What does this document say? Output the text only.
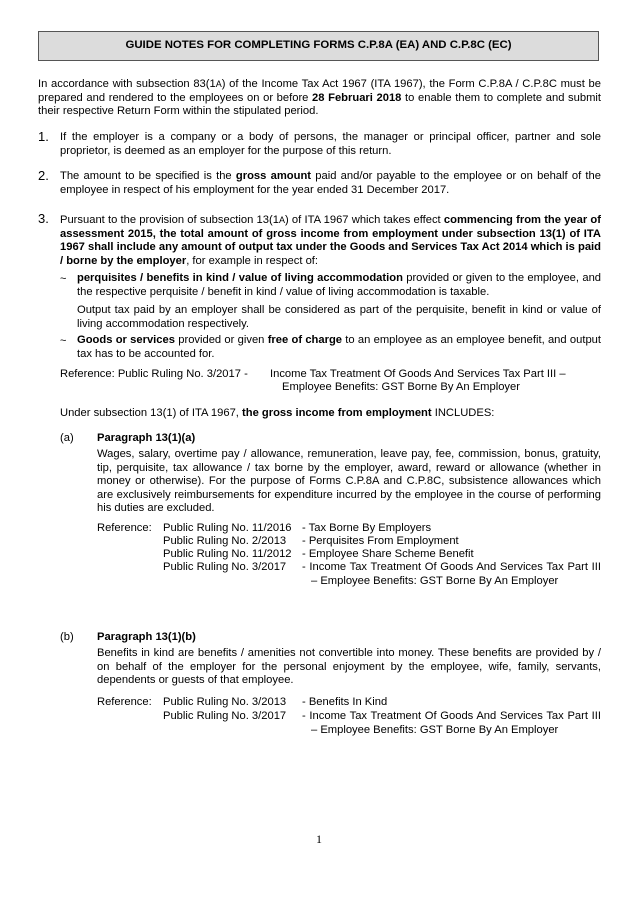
GUIDE NOTES FOR COMPLETING FORMS C.P.8A (EA) AND C.P.8C (EC)
In accordance with subsection 83(1A) of the Income Tax Act 1967 (ITA 1967), the Form C.P.8A / C.P.8C must be prepared and rendered to the employees on or before 28 Februari 2018 to enable them to complete and submit their respective Return Form within the stipulated period.
1. If the employer is a company or a body of persons, the manager or principal officer, partner and sole proprietor, is deemed as an employer for the purpose of this return.
2. The amount to be specified is the gross amount paid and/or payable to the employee or on behalf of the employee in respect of his employment for the year ended 31 December 2017.
3. Pursuant to the provision of subsection 13(1A) of ITA 1967 which takes effect commencing from the year of assessment 2015, the total amount of gross income from employment under subsection 13(1) of ITA 1967 shall include any amount of output tax under the Goods and Services Tax Act 2014 which is paid / borne by the employer, for example in respect of:
~ perquisites / benefits in kind / value of living accommodation provided or given to the employee, and the respective perquisite / benefit in kind / value of living accommodation is taxable.
Output tax paid by an employer shall be considered as part of the perquisite, benefit in kind or value of living accommodation respectively.
~ Goods or services provided or given free of charge to an employee as an employee benefit, and output tax has to be accounted for.
Reference: Public Ruling No. 3/2017 - Income Tax Treatment Of Goods And Services Tax Part III –
Employee Benefits: GST Borne By An Employer
Under subsection 13(1) of ITA 1967, the gross income from employment INCLUDES:
(a) Paragraph 13(1)(a)
Wages, salary, overtime pay / allowance, remuneration, leave pay, fee, commission, bonus, gratuity, tip, perquisite, tax allowance / tax borne by the employer, award, reward or allowance (whether in money or otherwise). For the purpose of Forms C.P.8A and C.P.8C, subsistence allowances which are exclusively reimbursements for expenditure incurred by the employee in the course of performing his duties are excluded.
Reference: Public Ruling No. 11/2016 - Tax Borne By Employers
Public Ruling No. 2/2013 - Perquisites From Employment
Public Ruling No. 11/2012 - Employee Share Scheme Benefit
Public Ruling No. 3/2017 - Income Tax Treatment Of Goods And Services Tax Part III – Employee Benefits: GST Borne By An Employer
(b) Paragraph 13(1)(b)
Benefits in kind are benefits / amenities not convertible into money. These benefits are provided by / on behalf of the employer for the personal enjoyment by the employee, wife, family, servants, dependents or guests of that employee.
Reference: Public Ruling No. 3/2013 - Benefits In Kind
Public Ruling No. 3/2017 - Income Tax Treatment Of Goods And Services Tax Part III – Employee Benefits: GST Borne By An Employer
1
